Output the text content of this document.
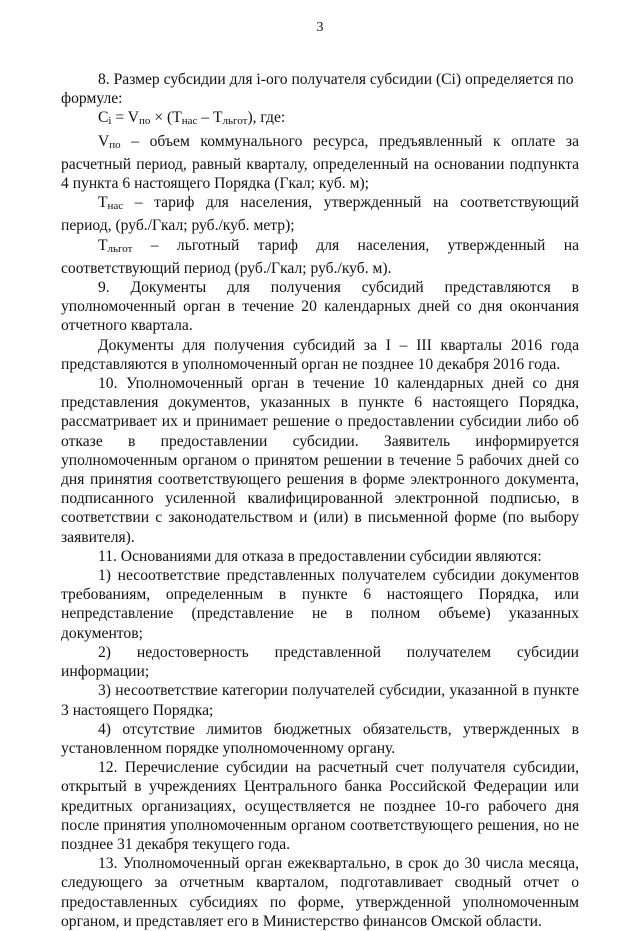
3

8. Размер субсидии для i-ого получателя субсидии (Ci) определяется по

формуле:

Ci = Vпо × (Тнас – Тльгот), где:

Vпо – объем коммунального ресурса, предъявленный к оплате за расчетный период, равный кварталу, определенный на основании подпункта 4 пункта 6 настоящего Порядка (Гкал; куб. м);

Тнас – тариф для населения, утвержденный на соответствующий период, (руб./Гкал; руб./куб. метр);

Тльгот – льготный тариф для населения, утвержденный на соответствующий период (руб./Гкал; руб./куб. м).

9. Документы для получения субсидий представляются в уполномоченный орган в течение 20 календарных дней со дня окончания отчетного квартала.

Документы для получения субсидий за I – III кварталы 2016 года представляются в уполномоченный орган не позднее 10 декабря 2016 года.

10. Уполномоченный орган в течение 10 календарных дней со дня представления документов, указанных в пункте 6 настоящего Порядка, рассматривает их и принимает решение о предоставлении субсидии либо об отказе в предоставлении субсидии. Заявитель информируется уполномоченным органом о принятом решении в течение 5 рабочих дней со дня принятия соответствующего решения в форме электронного документа, подписанного усиленной квалифицированной электронной подписью, в соответствии с законодательством и (или) в письменной форме (по выбору заявителя).

11. Основаниями для отказа в предоставлении субсидии являются:

1) несоответствие представленных получателем субсидии документов требованиям, определенным в пункте 6 настоящего Порядка, или непредставление (представление не в полном объеме) указанных документов;

2) недостоверность представленной получателем субсидии информации;

3) несоответствие категории получателей субсидии, указанной в пункте 3 настоящего Порядка;

4) отсутствие лимитов бюджетных обязательств, утвержденных в установленном порядке уполномоченному органу.

12. Перечисление субсидии на расчетный счет получателя субсидии, открытый в учреждениях Центрального банка Российской Федерации или кредитных организациях, осуществляется не позднее 10-го рабочего дня после принятия уполномоченным органом соответствующего решения, но не позднее 31 декабря текущего года.

13. Уполномоченный орган ежеквартально, в срок до 30 числа месяца, следующего за отчетным кварталом, подготавливает сводный отчет о предоставленных субсидиях по форме, утвержденной уполномоченным органом, и представляет его в Министерство финансов Омской области.
